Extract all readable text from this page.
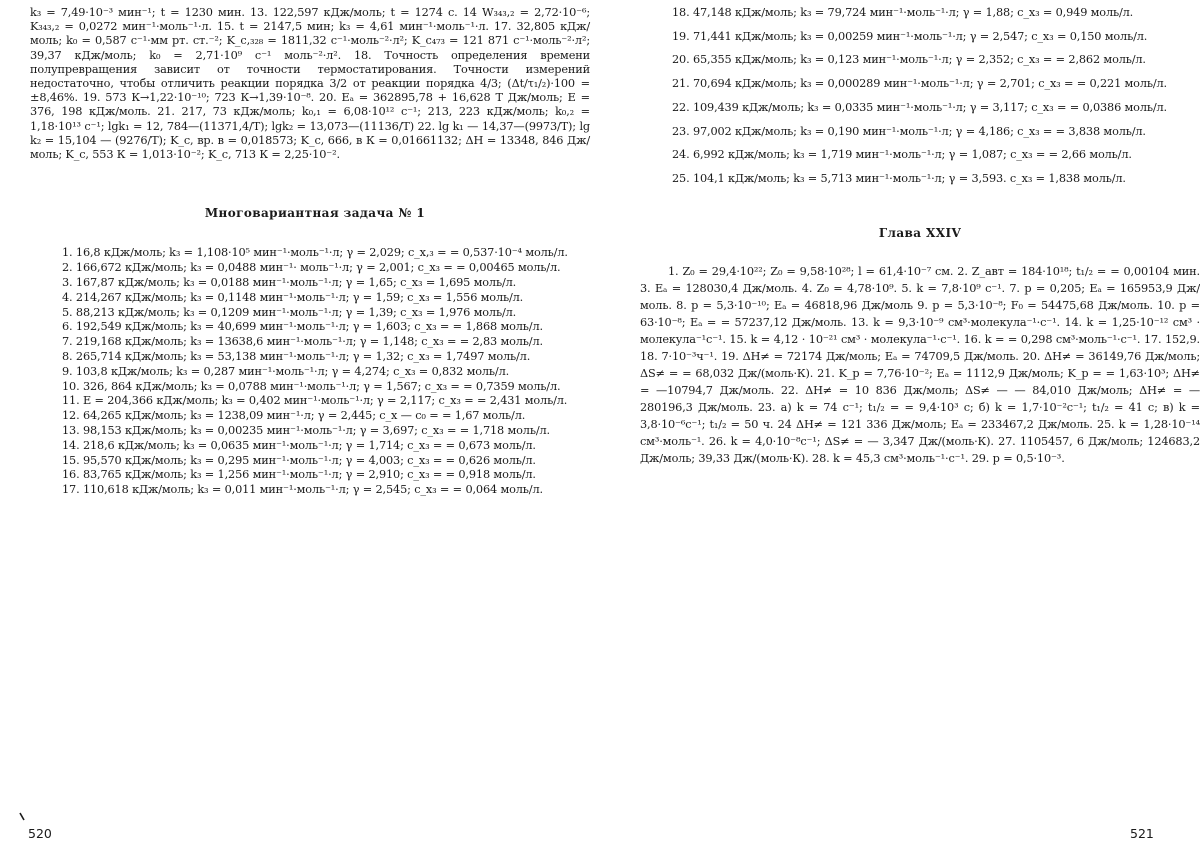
k₃ = 7,49·10⁻³ мин⁻¹; t = 1230 мин. 13. 122,597 кДж/моль; t = 1274 с. 14 W₃₄₃,₂ = 2,72·10⁻⁶; K₃₄₃,₂ = 0,0272 мин⁻¹·моль⁻¹·л. 15. t = 2147,5 мин; k₃ = 4,61 мин⁻¹·моль⁻¹·л. 17. 32,805 кДж/моль; k₀ = 0,587 с⁻¹·мм рт. ст.⁻²; K_c,₃₂₈ = 1811,32 с⁻¹·моль⁻²·л²; K_c₄₇₃ = 121 871 с⁻¹·моль⁻²·л²; 39,37 кДж/моль; k₀ = 2,71·10⁹ с⁻¹ моль⁻²·л². 18. Точность определения времени полупревращения зависит от точности термостатирования. Точности измерений недостаточно, чтобы отличить реакции порядка 3/2 от реакции порядка 4/3; (Δt/τ₁/₂)·100 = ±8,46%. 19. 573 К→1,22·10⁻¹⁰; 723 К→1,39·10⁻⁸. 20. Eₐ = 362895,78 + 16,628 T Дж/моль; E = 376, 198 кДж/моль. 21. 217, 73 кДж/моль; k₀,₁ = 6,08·10¹² с⁻¹; 213, 223 кДж/моль; k₀,₂ = 1,18·10¹³ с⁻¹; lgk₁ = 12, 784—(11371,4/T); lgk₂ = 13,073—(11136/T) 22. lg k₁ — 14,37—(9973/T); lg k₂ = 15,104 — (9276/T); K_c, вр. в = 0,018573; K_c, 666, в К = 0,01661132; ΔH = 13348, 846 Дж/моль; K_c, 553 К = 1,013·10⁻²; K_c, 713 К = 2,25·10⁻².

Многовариантная задача № 1

1. 16,8 кДж/моль; k₃ = 1,108·10⁵ мин⁻¹·моль⁻¹·л; γ = 2,029; c_x,₃ = = 0,537·10⁻⁴ моль/л.

2. 166,672 кДж/моль; k₃ = 0,0488 мин⁻¹· моль⁻¹·л; γ = 2,001; c_x₃ = = 0,00465 моль/л.

3. 167,87 кДж/моль; k₃ = 0,0188 мин⁻¹·моль⁻¹·л; γ = 1,65; c_x₃ = 1,695 моль/л.

4. 214,267 кДж/моль; k₃ = 0,1148 мин⁻¹·моль⁻¹·л; γ = 1,59; c_x₃ = 1,556 моль/л.

5. 88,213 кДж/моль; k₃ = 0,1209 мин⁻¹·моль⁻¹·л; γ = 1,39; c_x₃ = 1,976 моль/л.

6. 192,549 кДж/моль; k₃ = 40,699 мин⁻¹·моль⁻¹·л; γ = 1,603; c_x₃ = = 1,868 моль/л.

7. 219,168 кДж/моль; k₃ = 13638,6 мин⁻¹·моль⁻¹·л; γ = 1,148; c_x₃ = = 2,83 моль/л.

8. 265,714 кДж/моль; k₃ = 53,138 мин⁻¹·моль⁻¹·л; γ = 1,32; c_x₃ = 1,7497 моль/л.

9. 103,8 кДж/моль; k₃ = 0,287 мин⁻¹·моль⁻¹·л; γ = 4,274; c_x₃ = 0,832 моль/л.

10. 326, 864 кДж/моль; k₃ = 0,0788 мин⁻¹·моль⁻¹·л; γ = 1,567; c_x₃ = = 0,7359 моль/л.

11. E = 204,366 кДж/моль; k₃ = 0,402 мин⁻¹·моль⁻¹·л; γ = 2,117; c_x₃ = = 2,431 моль/л.

12. 64,265 кДж/моль; k₃ = 1238,09 мин⁻¹·л; γ = 2,445; c_x — c₀ = = 1,67 моль/л.

13. 98,153 кДж/моль; k₃ = 0,00235 мин⁻¹·моль⁻¹·л; γ = 3,697; c_x₃ = = 1,718 моль/л.

14. 218,6 кДж/моль; k₃ = 0,0635 мин⁻¹·моль⁻¹·л; γ = 1,714; c_x₃ = = 0,673 моль/л.

15. 95,570 кДж/моль; k₃ = 0,295 мин⁻¹·моль⁻¹·л; γ = 4,003; c_x₃ = = 0,626 моль/л.

16. 83,765 кДж/моль; k₃ = 1,256 мин⁻¹·моль⁻¹·л; γ = 2,910; c_x₃ = = 0,918 моль/л.

17. 110,618 кДж/моль; k₃ = 0,011 мин⁻¹·моль⁻¹·л; γ = 2,545; c_x₃ = = 0,064 моль/л.

520

18. 47,148 кДж/моль; k₃ = 79,724 мин⁻¹·моль⁻¹·л; γ = 1,88; c_x₃ = 0,949 моль/л.

19. 71,441 кДж/моль; k₃ = 0,00259 мин⁻¹·моль⁻¹·л; γ = 2,547; c_x₃ = 0,150 моль/л.

20. 65,355 кДж/моль; k₃ = 0,123 мин⁻¹·моль⁻¹·л; γ = 2,352; c_x₃ = = 2,862 моль/л.

21. 70,694 кДж/моль; k₃ = 0,000289 мин⁻¹·моль⁻¹·л; γ = 2,701; c_x₃ = = 0,221 моль/л.

22. 109,439 кДж/моль; k₃ = 0,0335 мин⁻¹·моль⁻¹·л; γ = 3,117; c_x₃ = = 0,0386 моль/л.

23. 97,002 кДж/моль; k₃ = 0,190 мин⁻¹·моль⁻¹·л; γ = 4,186; c_x₃ = = 3,838 моль/л.

24. 6,992 кДж/моль; k₃ = 1,719 мин⁻¹·моль⁻¹·л; γ = 1,087; c_x₃ = = 2,66 моль/л.

25. 104,1 кДж/моль; k₃ = 5,713 мин⁻¹·моль⁻¹·л; γ = 3,593. c_x₃ = 1,838 моль/л.

Глава XXIV

1. Z₀ = 29,4·10²²; Z₀ = 9,58·10²⁸; l = 61,4·10⁻⁷ см. 2. Z_авт = 184·10¹⁸; t₁/₂ = = 0,00104 мин. 3. Eₐ = 128030,4 Дж/моль. 4. Z₀ = 4,78·10⁹. 5. k = 7,8·10⁹ с⁻¹. 7. p = 0,205; Eₐ = 165953,9 Дж/моль. 8. p = 5,3·10⁻¹⁰; Eₐ = 46818,96 Дж/моль 9. p = 5,3·10⁻⁸; F₀ = 54475,68 Дж/моль. 10. p = 63·10⁻⁸; Eₐ = = 57237,12 Дж/моль. 13. k = 9,3·10⁻⁹ см³·молекула⁻¹·с⁻¹. 14. k = 1,25·10⁻¹² см³ · молекула⁻¹с⁻¹. 15. k = 4,12 · 10⁻²¹ см³ · молекула⁻¹·с⁻¹. 16. k = = 0,298 см³·моль⁻¹·с⁻¹. 17. 152,9. 18. 7·10⁻³ч⁻¹. 19. ΔH≠ = 72174 Дж/моль; Eₐ = 74709,5 Дж/моль. 20. ΔH≠ = 36149,76 Дж/моль; ΔS≠ = = 68,032 Дж/(моль·К). 21. K_p = 7,76·10⁻²; Eₐ = 1112,9 Дж/моль; K_p = = 1,63·10³; ΔH≠ = —10794,7 Дж/моль. 22. ΔH≠ = 10 836 Дж/моль; ΔS≠ — — 84,010 Дж/моль; ΔH≠ = — 280196,3 Дж/моль. 23. а) k = 74 с⁻¹; t₁/₂ = = 9,4·10³ с; б) k = 1,7·10⁻²с⁻¹; t₁/₂ = 41 с; в) k = 3,8·10⁻⁶с⁻¹; t₁/₂ = 50 ч. 24 ΔH≠ = 121 336 Дж/моль; Eₐ = 233467,2 Дж/моль. 25. k = 1,28·10⁻¹⁴ см³·моль⁻¹. 26. k = 4,0·10⁻⁸с⁻¹; ΔS≠ = — 3,347 Дж/(моль·К). 27. 1105457, 6 Дж/моль; 124683,2 Дж/моль; 39,33 Дж/(моль·К). 28. k = 45,3 см³·моль⁻¹·с⁻¹. 29. p = 0,5·10⁻³.

521
